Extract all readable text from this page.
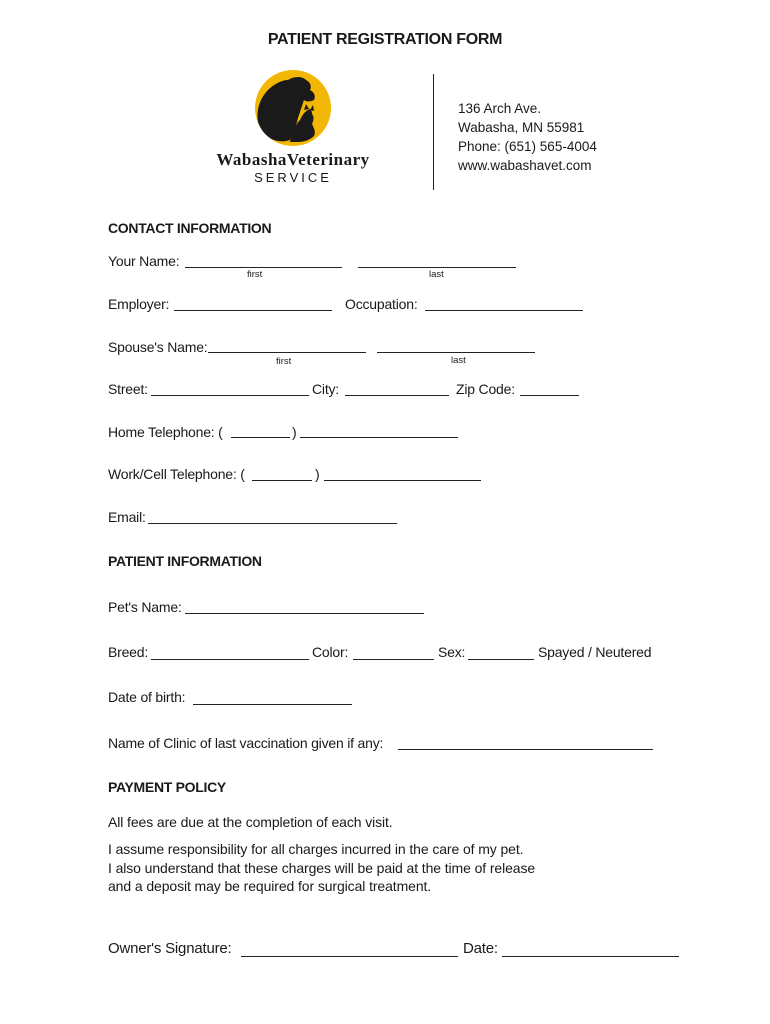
PATIENT REGISTRATION FORM
WabashaVeterinary
SERVICE
136 Arch Ave.
Wabasha, MN 55981
Phone: (651) 565-4004
www.wabashavet.com
CONTACT INFORMATION
Your Name:
first	last
Employer:	Occupation:
Spouse's Name:
first	last
Street:	City:	Zip Code:
Home Telephone: (	)
Work/Cell Telephone: (	)
Email:
PATIENT INFORMATION
Pet's Name:
Breed:	Color:	Sex:	Spayed / Neutered
Date of birth:
Name of Clinic of last vaccination given if any:
PAYMENT POLICY
All fees are due at the completion of each visit.
I assume responsibility for all charges incurred in the care of my pet.
I also understand that these charges will be paid at the time of release
and a deposit may be required for surgical treatment.
Owner's Signature:	Date:
